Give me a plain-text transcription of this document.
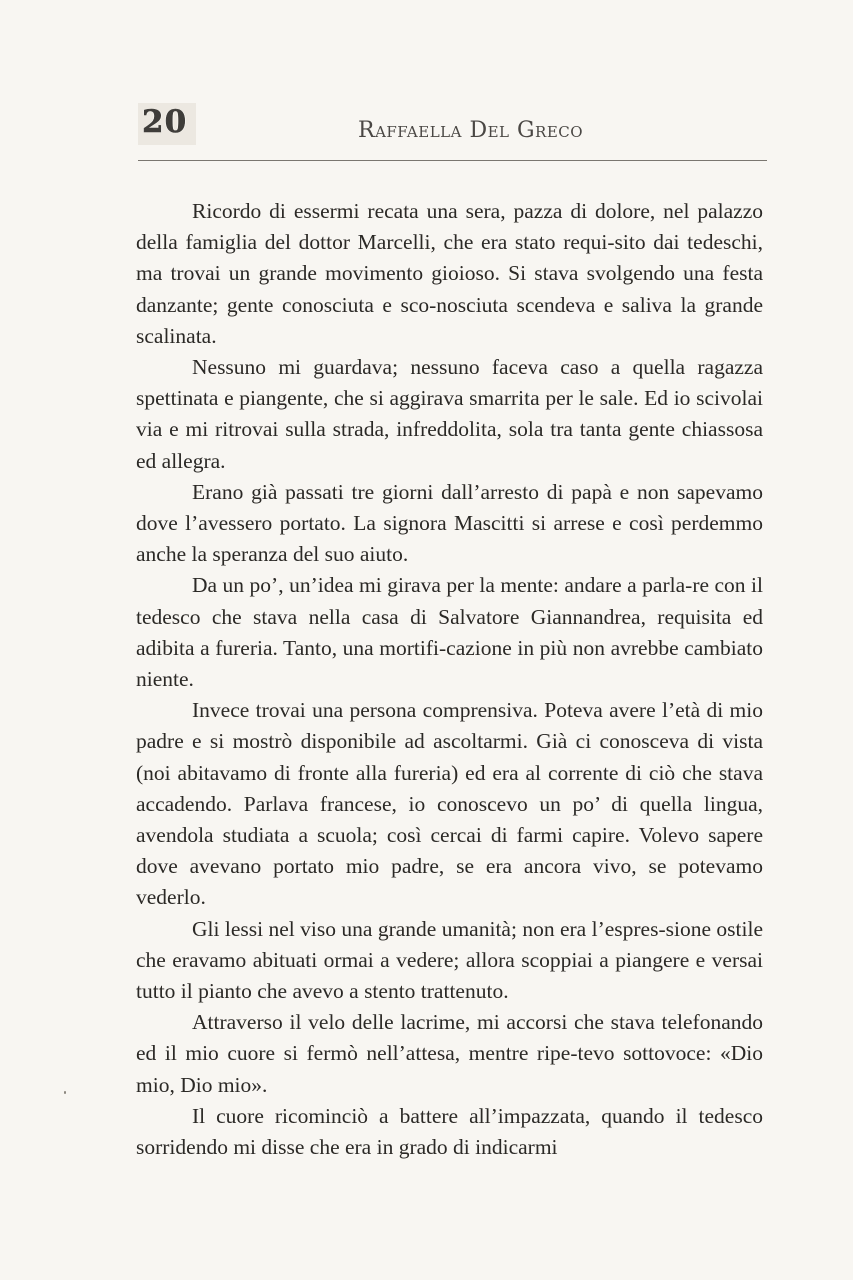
20	Raffaella Del Greco

Ricordo di essermi recata una sera, pazza di dolore, nel palazzo della famiglia del dottor Marcelli, che era stato requi-sito dai tedeschi, ma trovai un grande movimento gioioso. Si stava svolgendo una festa danzante; gente conosciuta e sco-nosciuta scendeva e saliva la grande scalinata.

Nessuno mi guardava; nessuno faceva caso a quella ragazza spettinata e piangente, che si aggirava smarrita per le sale. Ed io scivolai via e mi ritrovai sulla strada, infreddolita, sola tra tanta gente chiassosa ed allegra.

Erano già passati tre giorni dall’arresto di papà e non sapevamo dove l’avessero portato. La signora Mascitti si arrese e così perdemmo anche la speranza del suo aiuto.

Da un po’, un’idea mi girava per la mente: andare a parla-re con il tedesco che stava nella casa di Salvatore Giannandrea, requisita ed adibita a fureria. Tanto, una mortifi-cazione in più non avrebbe cambiato niente.

Invece trovai una persona comprensiva. Poteva avere l’età di mio padre e si mostrò disponibile ad ascoltarmi. Già ci conosceva di vista (noi abitavamo di fronte alla fureria) ed era al corrente di ciò che stava accadendo. Parlava francese, io conoscevo un po’ di quella lingua, avendola studiata a scuola; così cercai di farmi capire. Volevo sapere dove avevano portato mio padre, se era ancora vivo, se potevamo vederlo.

Gli lessi nel viso una grande umanità; non era l’espres-sione ostile che eravamo abituati ormai a vedere; allora scoppiai a piangere e versai tutto il pianto che avevo a stento trattenuto.

Attraverso il velo delle lacrime, mi accorsi che stava telefonando ed il mio cuore si fermò nell’attesa, mentre ripe-tevo sottovoce: «Dio mio, Dio mio».

Il cuore ricominciò a battere all’impazzata, quando il tedesco sorridendo mi disse che era in grado di indicarmi
